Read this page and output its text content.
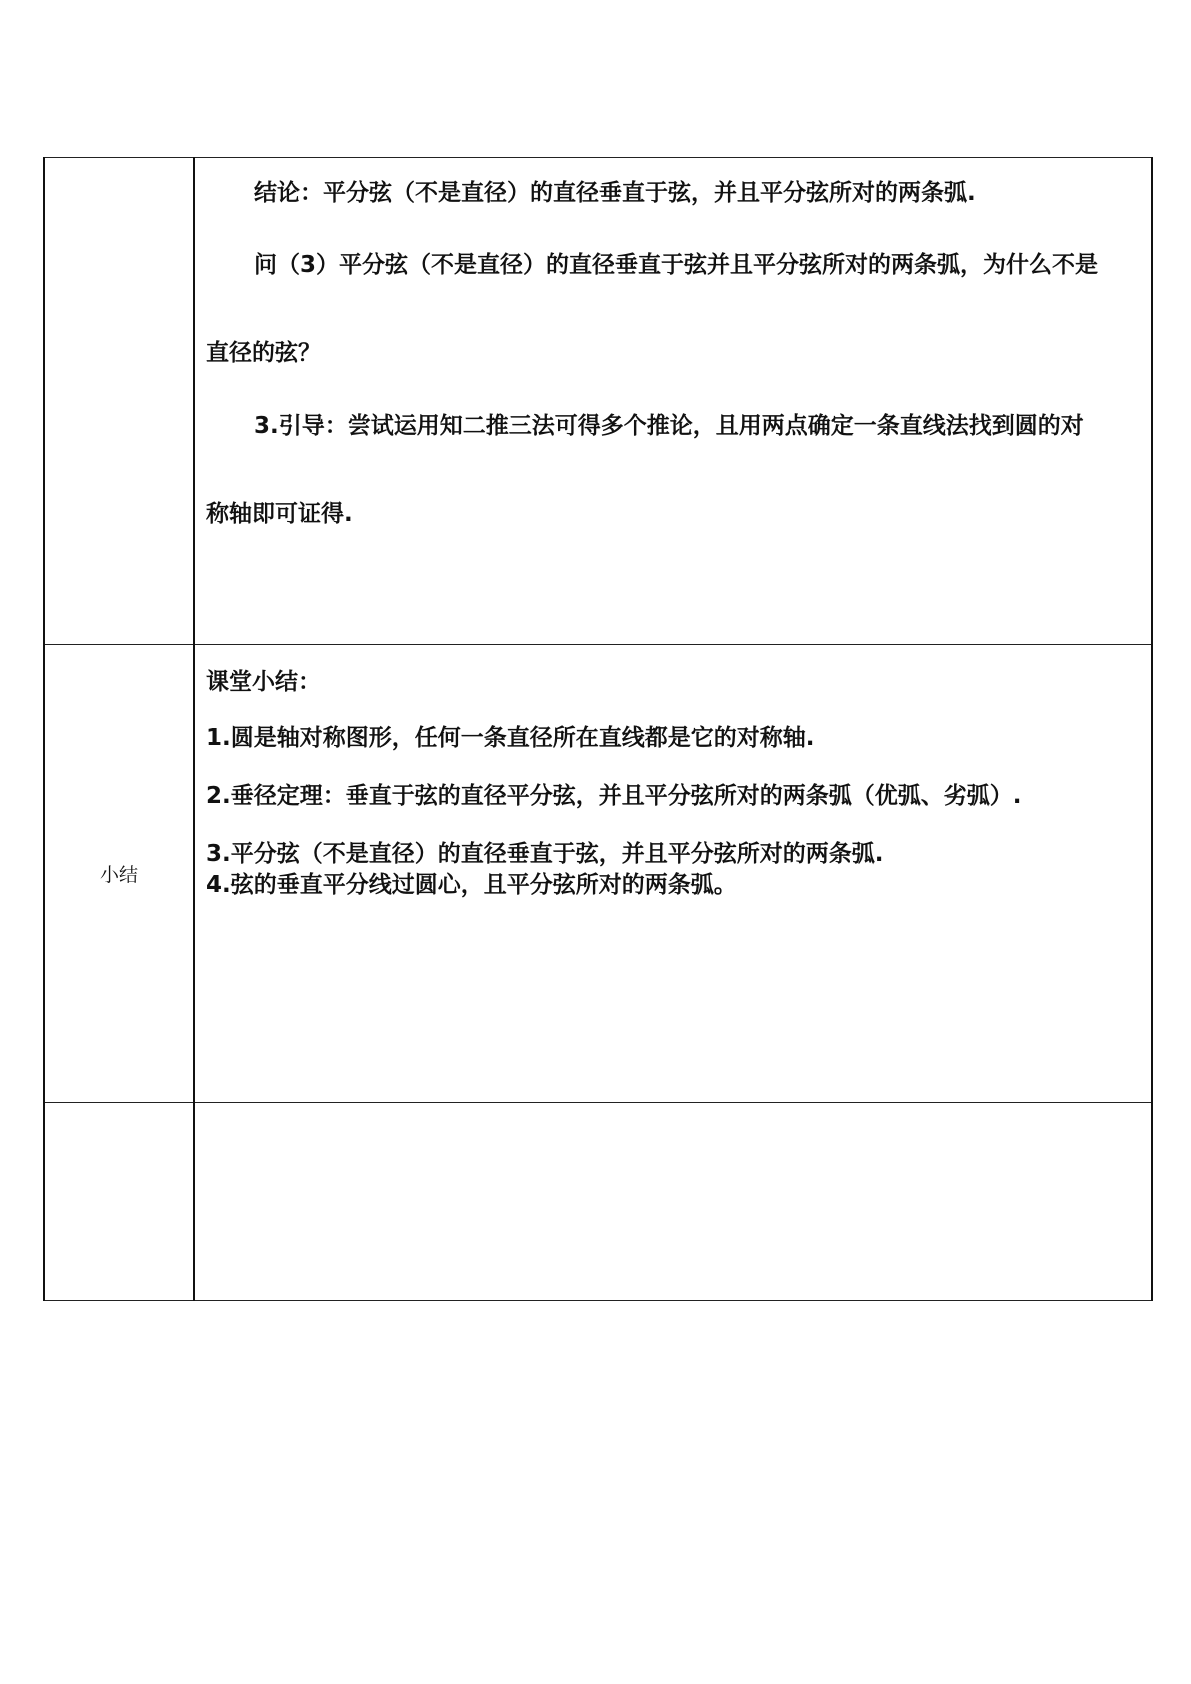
	结论：平分弦（不是直径）的直径垂直于弦，并且平分弦所对的两条弧.
问（3）平分弦（不是直径）的直径垂直于弦并且平分弦所对的两条弧，为什么不是
直径的弦？
3.引导：尝试运用知二推三法可得多个推论，且用两点确定一条直线法找到圆的对
称轴即可证得.

小结	课堂小结：
1.圆是轴对称图形，任何一条直径所在直线都是它的对称轴.
2.垂径定理：垂直于弦的直径平分弦，并且平分弦所对的两条弧（优弧、劣弧）.
3.平分弦（不是直径）的直径垂直于弦，并且平分弦所对的两条弧.
4.弦的垂直平分线过圆心，且平分弦所对的两条弧。
